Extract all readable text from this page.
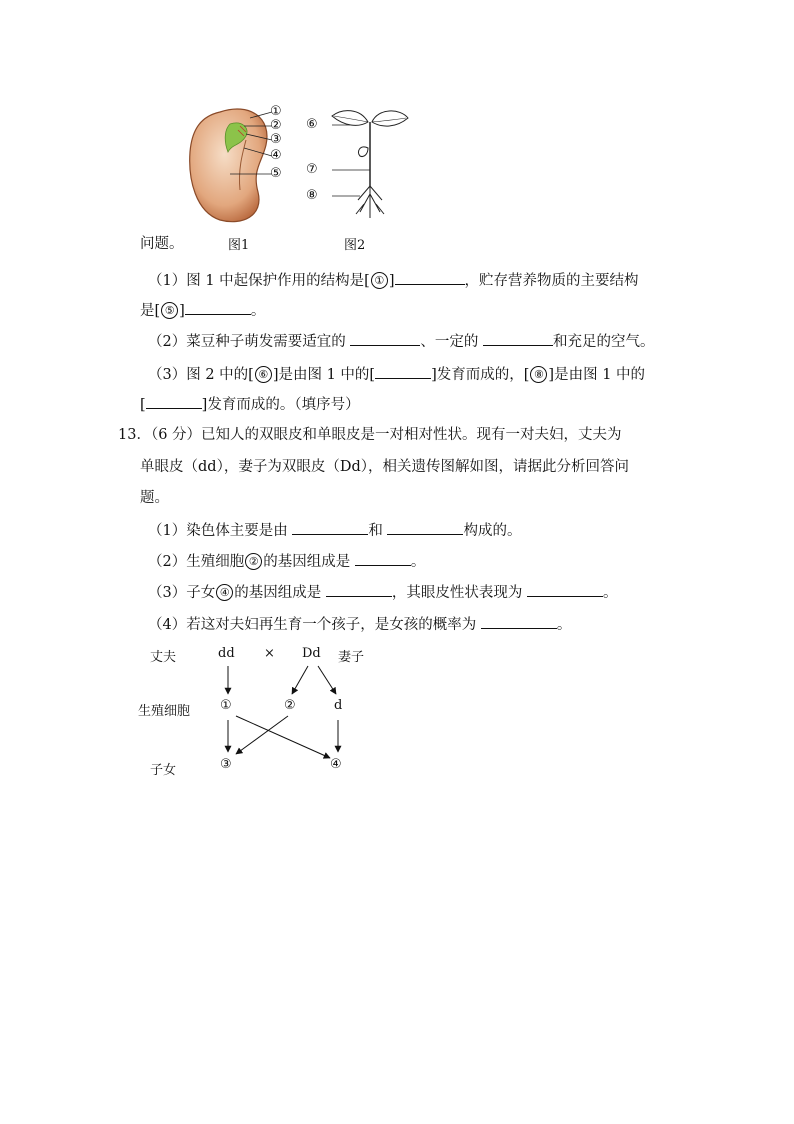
①
②
③
④
⑤
⑥
⑦
⑧
问题。	图1	图2
（1）图 1 中起保护作用的结构是[ ① ]	，贮存营养物质的主要结构
是[ ⑤ ]	。
（2）菜豆种子萌发需要适宜的	、一定的	和充足的空气。
（3）图 2 中的[ ⑥ ]是由图 1 中的[	]发育而成的，[ ⑧ ]是由图 1 中的
[	]发育而成的。（填序号）
13．（6 分）已知人的双眼皮和单眼皮是一对相对性状。现有一对夫妇，丈夫为
单眼皮（dd），妻子为双眼皮（Dd），相关遗传图解如图，请据此分析回答问
题。
（1）染色体主要是由	和	构成的。
（2）生殖细胞 ② 的基因组成是	。
（3）子女 ④ 的基因组成是	，其眼皮性状表现为	。
（4）若这对夫妇再生育一个孩子，是女孩的概率为	。
丈夫	dd × Dd 妻子
生殖细胞 ①	②	d
子女	③	④
